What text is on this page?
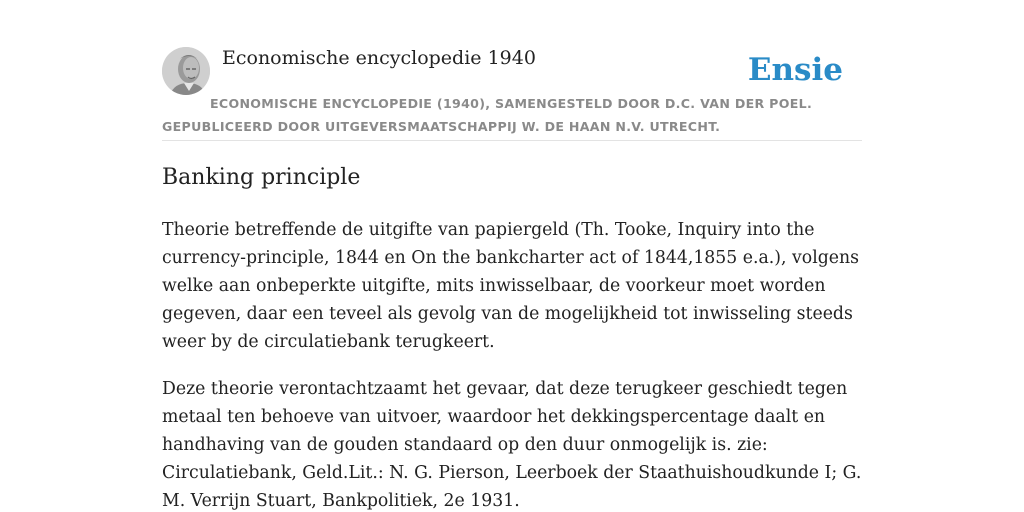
Economische encyclopedie 1940	Ensie
ECONOMISCHE ENCYCLOPEDIE (1940), SAMENGESTELD DOOR D.C. VAN DER POEL.
GEPUBLICEERD DOOR UITGEVERSMAATSCHAPPIJ W. DE HAAN N.V. UTRECHT.
Banking principle

Theorie betreffende de uitgifte van papiergeld (Th. Tooke, Inquiry into the currency-principle, 1844 en On the bankcharter act of 1844,1855 e.a.), volgens welke aan onbeperkte uitgifte, mits inwisselbaar, de voorkeur moet worden gegeven, daar een teveel als gevolg van de mogelijkheid tot inwisseling steeds weer by de circulatiebank terugkeert.

Deze theorie verontachtzaamt het gevaar, dat deze terugkeer geschiedt tegen metaal ten behoeve van uitvoer, waardoor het dekkingspercentage daalt en handhaving van de gouden standaard op den duur onmogelijk is. zie: Circulatiebank, Geld.Lit.: N. G. Pierson, Leerboek der Staathuishoudkunde I; G. M. Verrijn Stuart, Bankpolitiek, 2e 1931.
